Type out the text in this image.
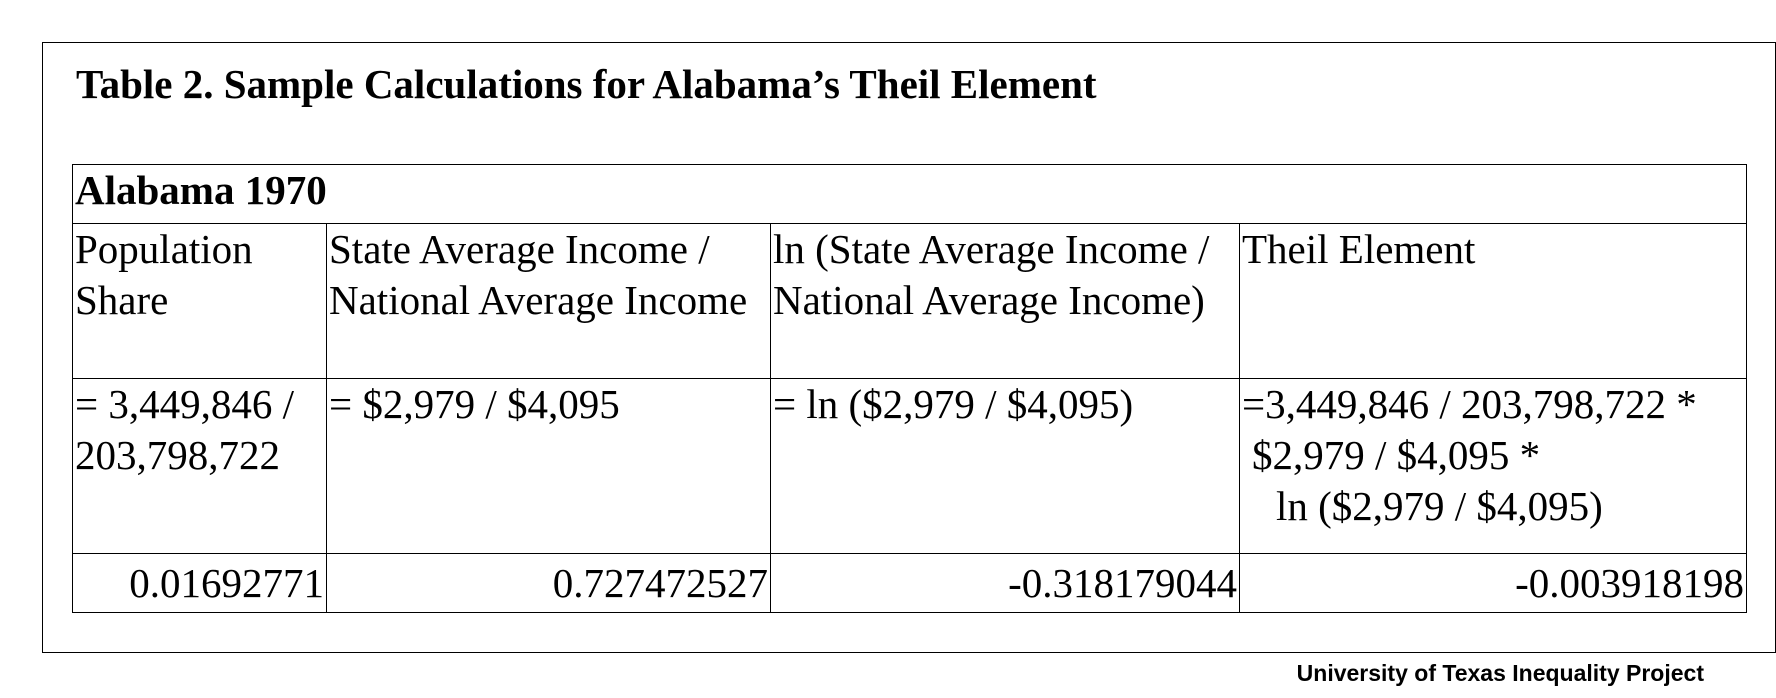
Table 2. Sample Calculations for Alabama’s Theil Element
Alabama 1970			
Population Share	State Average Income / National Average Income	ln (State Average Income / National Average Income)	Theil Element
= 3,449,846 / 203,798,722	= $2,979 / $4,095	= ln ($2,979 / $4,095)	=3,449,846 / 203,798,722 *
$2,979 / $4,095 *
ln ($2,979 / $4,095)

0.01692771	0.727472527	-0.318179044	-0.003918198
University of Texas Inequality Project
